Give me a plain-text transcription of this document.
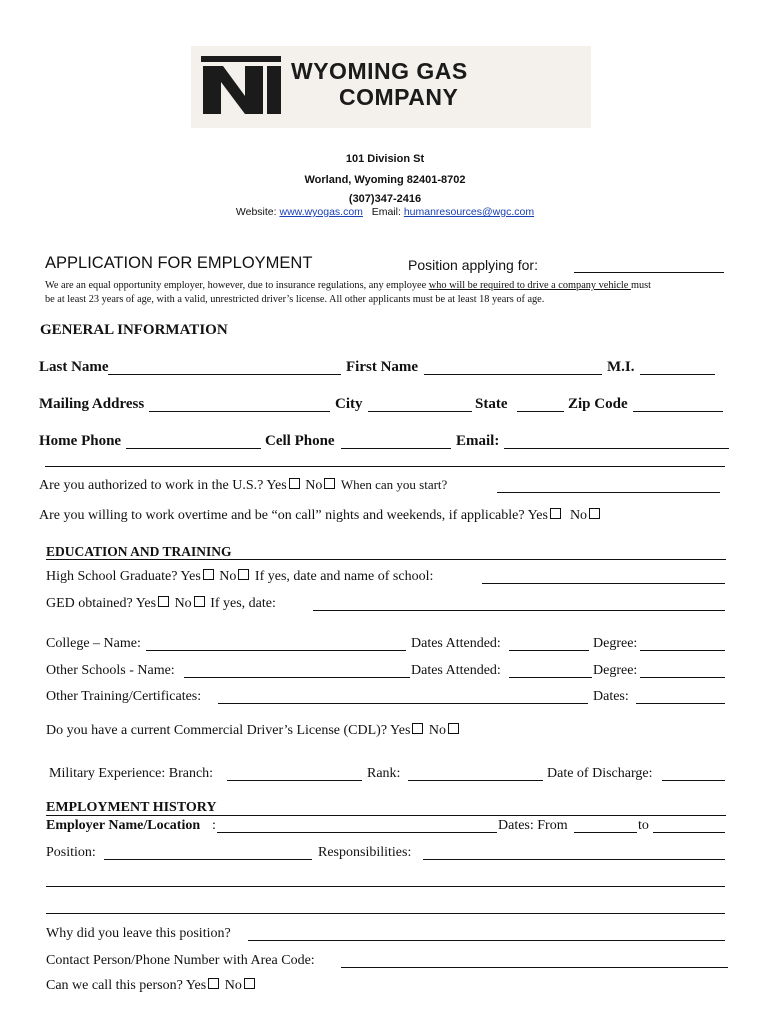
WYOMING GAS
COMPANY
101 Division St
Worland, Wyoming 82401-8702
(307)347-2416
Website: www.wyogas.com Email: humanresources@wgc.com
APPLICATION FOR EMPLOYMENT	Position applying for:
We are an equal opportunity employer, however, due to insurance regulations, any employee who will be required to drive a company vehicle must
be at least 23 years of age, with a valid, unrestricted driver’s license. All other applicants must be at least 18 years of age.
GENERAL INFORMATION
Last Name	First Name	M.I.
Mailing Address	City	State	Zip Code
Home Phone	Cell Phone	Email:
Are you authorized to work in the U.S.? Yes No When can you start?
Are you willing to work overtime and be “on call” nights and weekends, if applicable? Yes No
EDUCATION AND TRAINING
High School Graduate? Yes No If yes, date and name of school:
GED obtained? Yes No If yes, date:
College – Name:	Dates Attended:	Degree:
Other Schools - Name:	Dates Attended:	Degree:
Other Training/Certificates:	Dates:
Do you have a current Commercial Driver’s License (CDL)? Yes No
Military Experience: Branch:	Rank:	Date of Discharge:
EMPLOYMENT HISTORY
Employer Name/Location :	Dates: From	to
Position:	Responsibilities:
Why did you leave this position?
Contact Person/Phone Number with Area Code:
Can we call this person? Yes No
